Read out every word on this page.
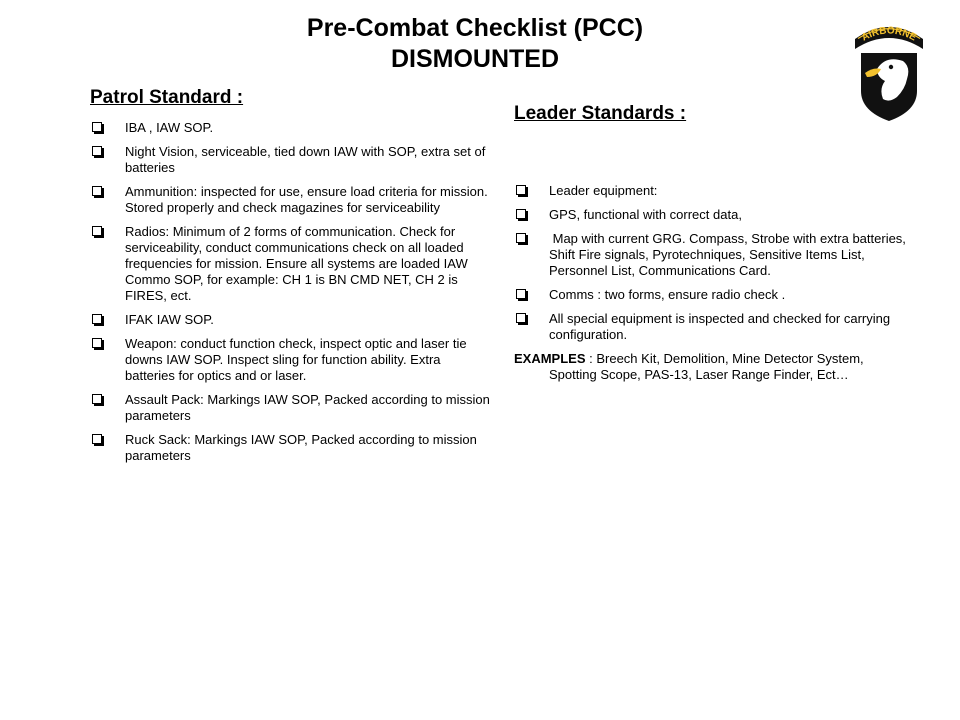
Pre-Combat Checklist (PCC)
DISMOUNTED
AIRBORNE
Patrol Standard :
IBA , IAW SOP.
Night Vision, serviceable, tied down IAW with SOP, extra set of batteries
Ammunition: inspected for use, ensure load criteria for mission. Stored properly and check magazines for serviceability
Radios: Minimum of 2 forms of communication. Check for serviceability, conduct communications check on all loaded frequencies for mission. Ensure all systems are loaded IAW Commo SOP, for example: CH 1 is BN CMD NET, CH 2 is FIRES, ect.
IFAK IAW SOP.
Weapon: conduct function check, inspect optic and laser tie downs IAW SOP. Inspect sling for function ability. Extra batteries for optics and or laser.
Assault Pack: Markings IAW SOP, Packed according to mission parameters
Ruck Sack: Markings IAW SOP, Packed according to mission parameters
Leader Standards :
Leader equipment:
GPS, functional with correct data,
Map with current GRG. Compass, Strobe with extra batteries, Shift Fire signals, Pyrotechniques, Sensitive Items List, Personnel List, Communications Card.
Comms : two forms, ensure radio check .
All special equipment is inspected and checked for carrying configuration.
EXAMPLES : Breech Kit, Demolition, Mine Detector System, Spotting Scope, PAS-13, Laser Range Finder, Ect…
